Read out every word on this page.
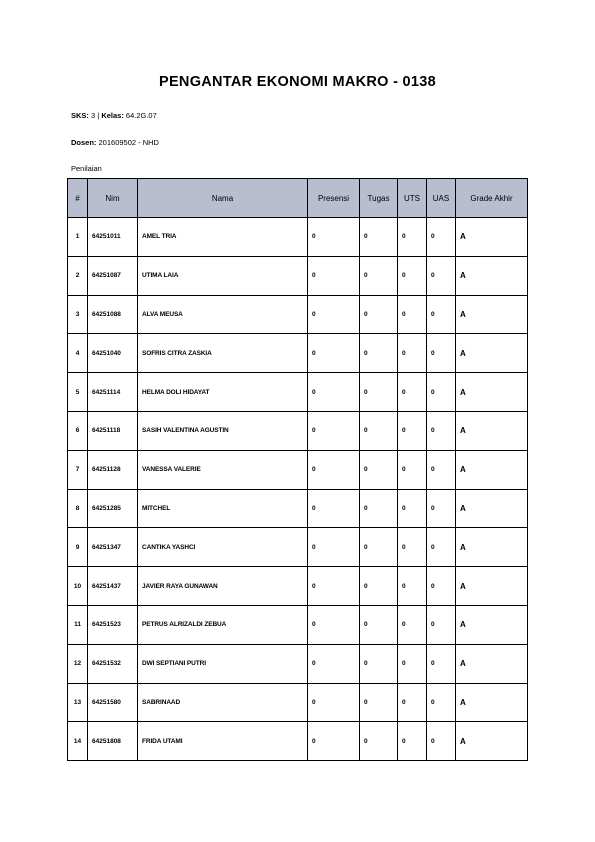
PENGANTAR EKONOMI MAKRO - 0138
SKS: 3 | Kelas: 64.2G.07
Dosen: 201609502 - NHD
Penilaian
#	Nim	Nama	Presensi	Tugas	UTS	UAS	Grade Akhir
1	64251011	AMEL TRIA	0	0	0	0	A
2	64251087	UTIMA LAIA	0	0	0	0	A
3	64251088	ALVA MEUSA	0	0	0	0	A
4	64251040	SOFRIS CITRA ZASKIA	0	0	0	0	A
5	64251114	HELMA DOLI HIDAYAT	0	0	0	0	A
6	64251118	SASIH VALENTINA AGUSTIN	0	0	0	0	A
7	64251128	VANESSA VALERIE	0	0	0	0	A
8	64251285	MITCHEL	0	0	0	0	A
9	64251347	CANTIKA YASHCI	0	0	0	0	A
10	64251437	JAVIER RAYA GUNAWAN	0	0	0	0	A
11	64251523	PETRUS ALRIZALDI ZEBUA	0	0	0	0	A
12	64251532	DWI SEPTIANI PUTRI	0	0	0	0	A
13	64251580	SABRINAAD	0	0	0	0	A
14	64251808	FRIDA UTAMI	0	0	0	0	A
